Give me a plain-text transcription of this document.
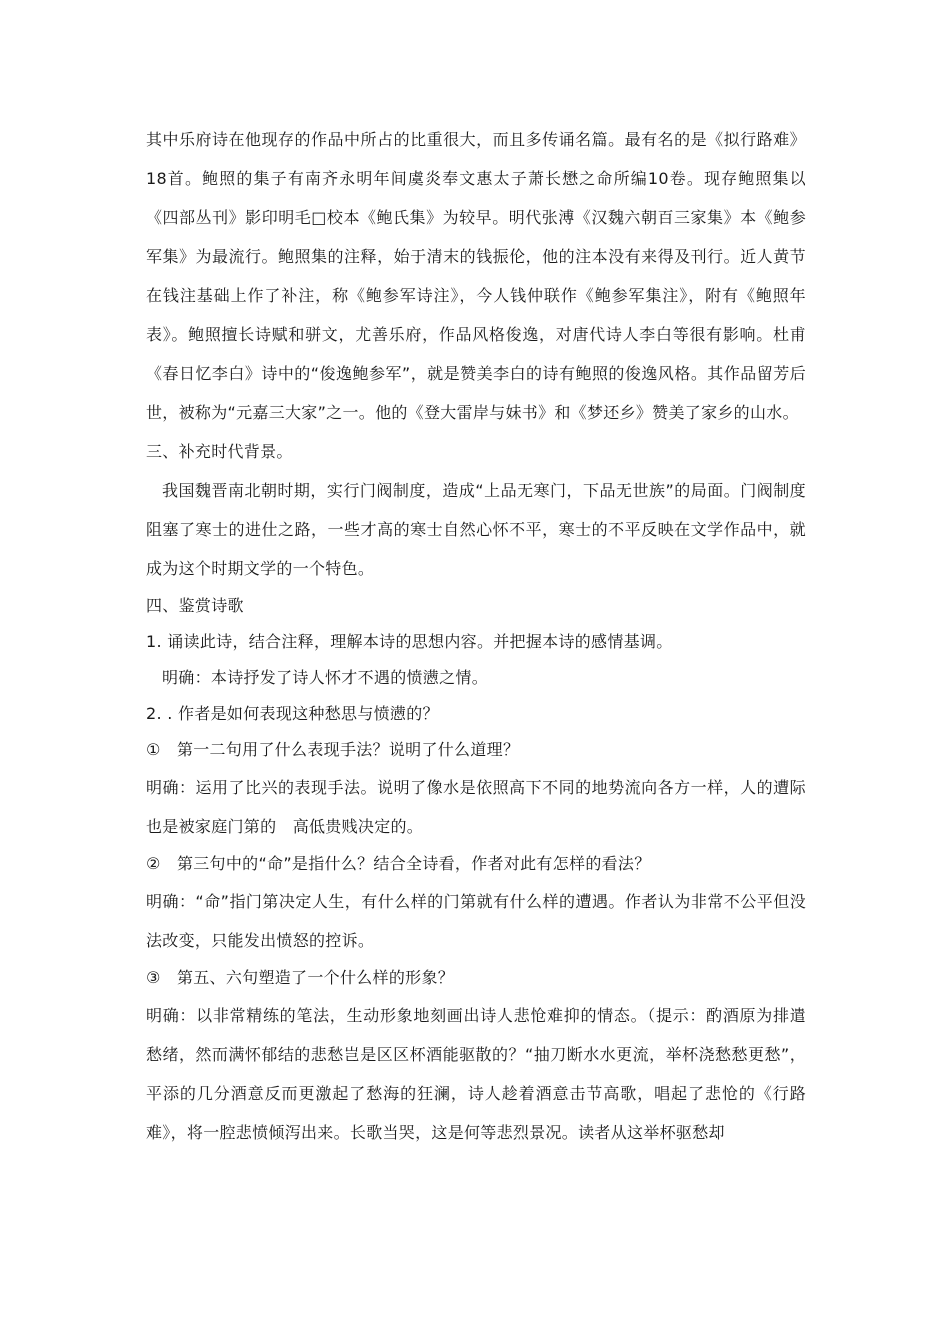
其中乐府诗在他现存的作品中所占的比重很大，而且多传诵名篇。最有名的是《拟行路难》 18首。鲍照的集子有南齐永明年间虞炎奉文惠太子萧长懋之命所编10卷。现存鲍照集以《四部丛刊》影印明毛□校本《鲍氏集》为较早。明代张溥《汉魏六朝百三家集》本《鲍参军集》为最流行。鲍照集的注释，始于清末的钱振伦，他的注本没有来得及刊行。近人黄节在钱注基础上作了补注，称《鲍参军诗注》，今人钱仲联作《鲍参军集注》，附有《鲍照年表》。鲍照擅长诗赋和骈文，尤善乐府，作品风格俊逸，对唐代诗人李白等很有影响。杜甫《春日忆李白》诗中的“俊逸鲍参军”，就是赞美李白的诗有鲍照的俊逸风格。其作品留芳后世，被称为“元嘉三大家”之一。他的《登大雷岸与妹书》和《梦还乡》赞美了家乡的山水。

三、补充时代背景。

我国魏晋南北朝时期，实行门阀制度，造成“上品无寒门，下品无世族”的局面。门阀制度阻塞了寒士的进仕之路，一些才高的寒士自然心怀不平，寒士的不平反映在文学作品中，就成为这个时期文学的一个特色。

四、鉴赏诗歌

1. 诵读此诗，结合注释，理解本诗的思想内容。并把握本诗的感情基调。

明确：本诗抒发了诗人怀才不遇的愤懑之情。

2. . 作者是如何表现这种愁思与愤懑的？

①　第一二句用了什么表现手法？说明了什么道理？

明确：运用了比兴的表现手法。说明了像水是依照高下不同的地势流向各方一样，人的遭际也是被家庭门第的　高低贵贱决定的。

②　第三句中的“命”是指什么？结合全诗看，作者对此有怎样的看法？

明确：“命”指门第决定人生，有什么样的门第就有什么样的遭遇。作者认为非常不公平但没法改变，只能发出愤怒的控诉。

③　第五、六句塑造了一个什么样的形象？

明确：以非常精练的笔法，生动形象地刻画出诗人悲怆难抑的情态。（提示：酌酒原为排遣愁绪，然而满怀郁结的悲愁岂是区区杯酒能驱散的？“抽刀断水水更流，举杯浇愁愁更愁”，平添的几分酒意反而更激起了愁海的狂澜，诗人趁着酒意击节高歌，唱起了悲怆的《行路难》，将一腔悲愤倾泻出来。长歌当哭，这是何等悲烈景况。读者从这举杯驱愁却
